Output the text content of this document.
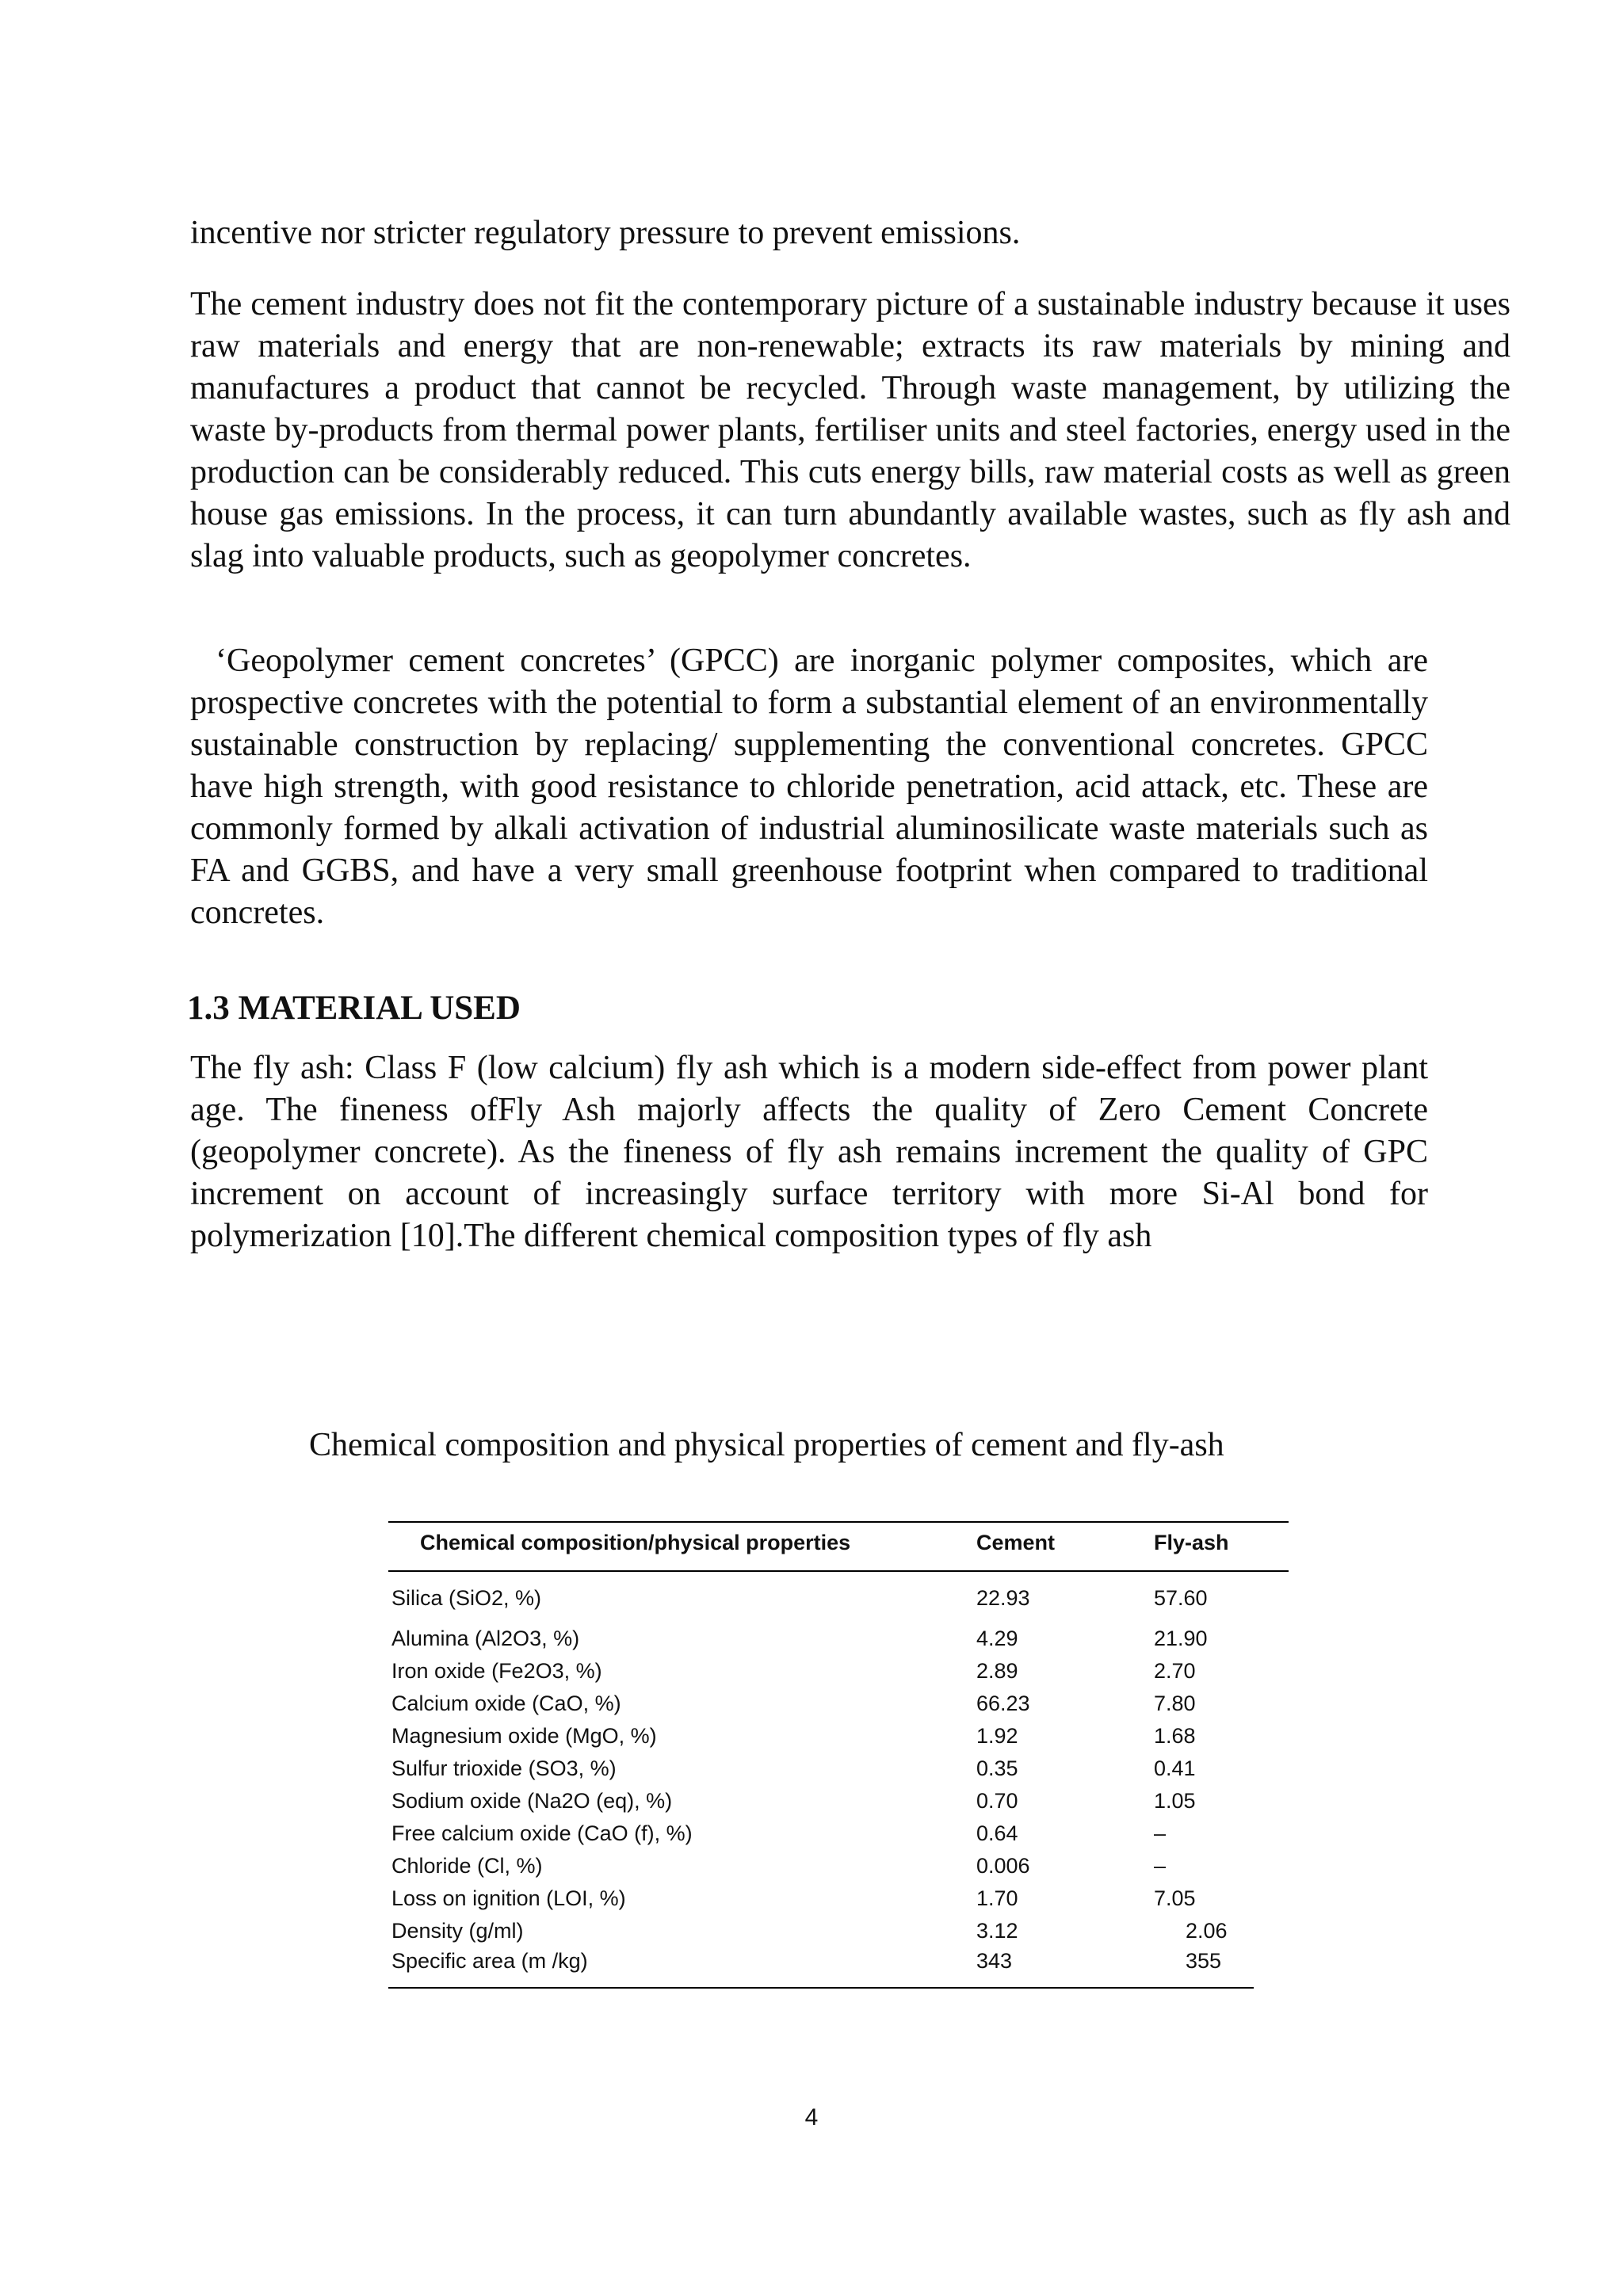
incentive nor stricter regulatory pressure to prevent emissions.

The cement industry does not fit the contemporary picture of a sustainable industry because it uses raw materials and energy that are non-renewable; extracts its raw materials by mining and manufactures a product that cannot be recycled. Through waste management, by utilizing the waste by-products from thermal power plants, fertiliser units and steel factories, energy used in the production can be considerably reduced. This cuts energy bills, raw material costs as well as green house gas emissions. In the process, it can turn abundantly available wastes, such as fly ash and slag into valuable products, such as geopolymer concretes.

‘Geopolymer cement concretes’ (GPCC) are inorganic polymer composites, which are prospective concretes with the potential to form a substantial element of an environmentally sustainable construction by replacing/ supplementing the conventional concretes. GPCC have high strength, with good resistance to chloride penetration, acid attack, etc. These are commonly formed by alkali activation of industrial aluminosilicate waste materials such as FA and GGBS, and have a very small greenhouse footprint when compared to traditional concretes.

1.3 MATERIAL USED

The fly ash: Class F (low calcium) fly ash which is a modern side-effect from power plant age. The fineness ofFly Ash majorly affects the quality of Zero Cement Concrete (geopolymer concrete). As the fineness of fly ash remains increment the quality of GPC increment on account of increasingly surface territory with more Si-Al bond for polymerization [10].The different chemical composition types of fly ash

Chemical composition and physical properties of cement and fly-ash

Chemical composition/physical properties	Cement	Fly-ash
Silica (SiO2, %)	22.93	57.60
Alumina (Al2O3, %)	4.29	21.90
Iron oxide (Fe2O3, %)	2.89	2.70
Calcium oxide (CaO, %)	66.23	7.80
Magnesium oxide (MgO, %)	1.92	1.68
Sulfur trioxide (SO3, %)	0.35	0.41
Sodium oxide (Na2O (eq), %)	0.70	1.05
Free calcium oxide (CaO (f), %)	0.64	–
Chloride (Cl, %)	0.006	–
Loss on ignition (LOI, %)	1.70	7.05
Density (g/ml)	3.12	2.06
Specific area (m /kg)	343	355
4
